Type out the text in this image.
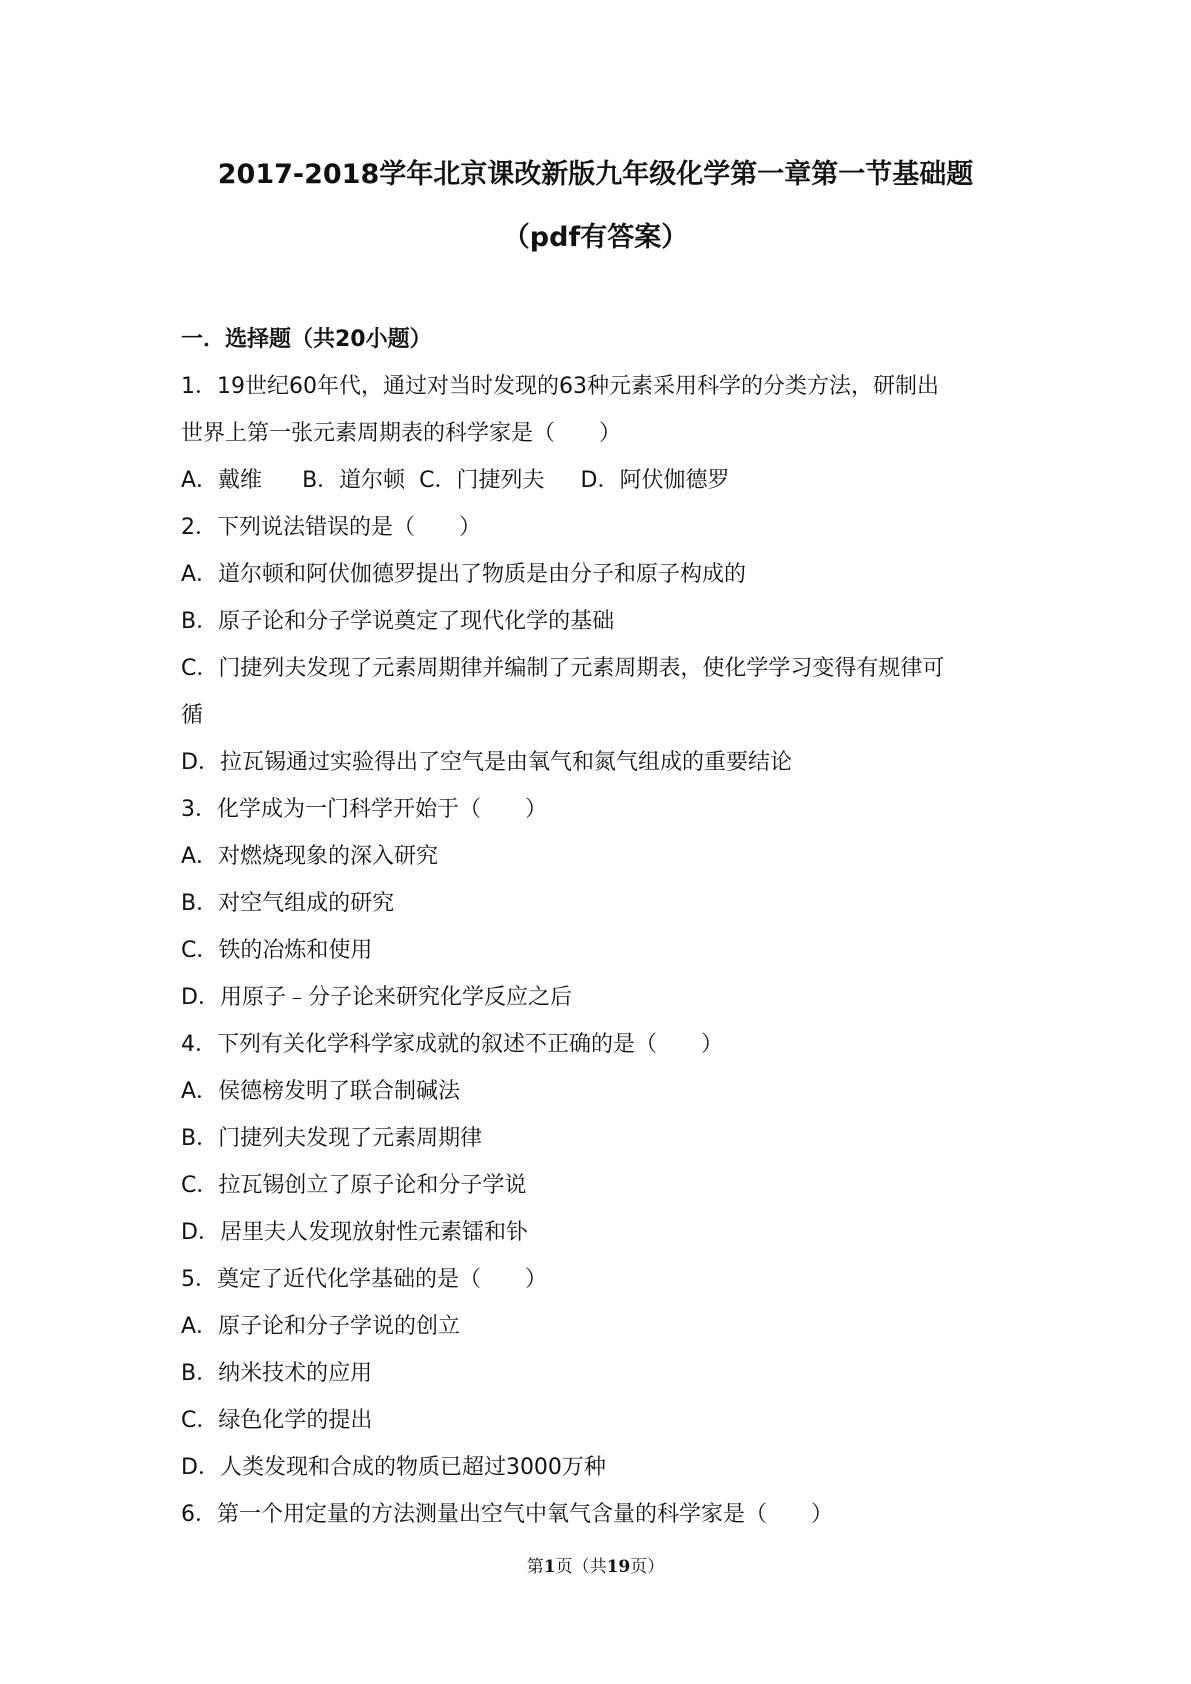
2017-2018学年北京课改新版九年级化学第一章第一节基础题
（pdf有答案）

一．选择题（共20小题）

1．19世纪60年代，通过对当时发现的63种元素采用科学的分类方法，研制出

世界上第一张元素周期表的科学家是（　　）

A．戴维 B．道尔顿 C．门捷列夫 D．阿伏伽德罗

2．下列说法错误的是（　　）

A．道尔顿和阿伏伽德罗提出了物质是由分子和原子构成的

B．原子论和分子学说奠定了现代化学的基础

C．门捷列夫发现了元素周期律并编制了元素周期表，使化学学习变得有规律可

循

D．拉瓦锡通过实验得出了空气是由氧气和氮气组成的重要结论

3．化学成为一门科学开始于（　　）

A．对燃烧现象的深入研究

B．对空气组成的研究

C．铁的冶炼和使用

D．用原子﹣分子论来研究化学反应之后

4．下列有关化学科学家成就的叙述不正确的是（　　）

A．侯德榜发明了联合制碱法

B．门捷列夫发现了元素周期律

C．拉瓦锡创立了原子论和分子学说

D．居里夫人发现放射性元素镭和钋

5．奠定了近代化学基础的是（　　）

A．原子论和分子学说的创立

B．纳米技术的应用

C．绿色化学的提出

D．人类发现和合成的物质已超过3000万种

6．第一个用定量的方法测量出空气中氧气含量的科学家是（　　）

第1页（共19页）
